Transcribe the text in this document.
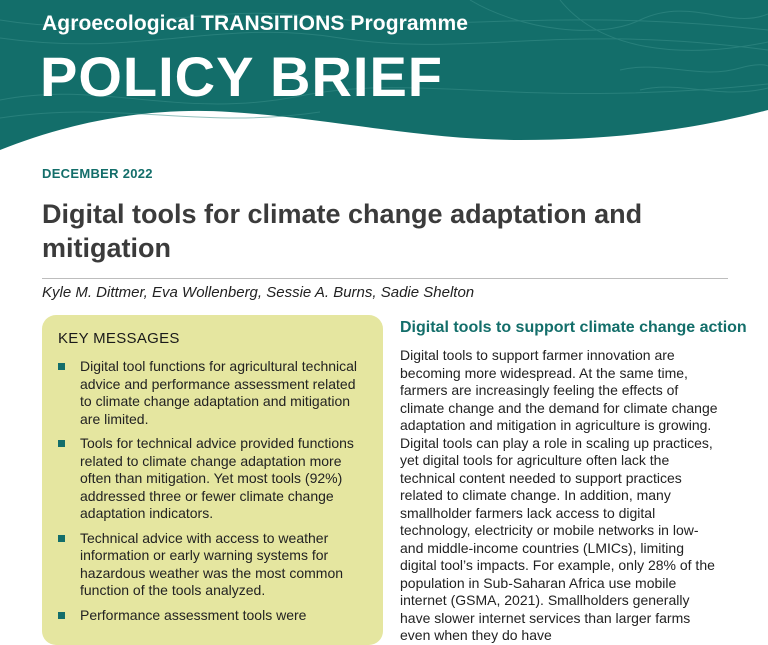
Agroecological TRANSITIONS Programme
POLICY BRIEF
DECEMBER 2022
Digital tools for climate change adaptation and mitigation
Kyle M. Dittmer, Eva Wollenberg, Sessie A. Burns, Sadie Shelton
KEY MESSAGES
Digital tool functions for agricultural technical advice and performance assessment related to climate change adaptation and mitigation are limited.
Tools for technical advice provided functions related to climate change adaptation more often than mitigation. Yet most tools (92%) addressed three or fewer climate change adaptation indicators.
Technical advice with access to weather information or early warning systems for hazardous weather was the most common function of the tools analyzed.
Performance assessment tools were
Digital tools to support climate change action

Digital tools to support farmer innovation are becoming more widespread. At the same time, farmers are increasingly feeling the effects of climate change and the demand for climate change adaptation and mitigation in agriculture is growing. Digital tools can play a role in scaling up practices, yet digital tools for agriculture often lack the technical content needed to support practices related to climate change. In addition, many smallholder farmers lack access to digital technology, electricity or mobile networks in low- and middle-income countries (LMICs), limiting digital tool’s impacts. For example, only 28% of the population in Sub-Saharan Africa use mobile internet (GSMA, 2021). Smallholders generally have slower internet services than larger farms even when they do have
